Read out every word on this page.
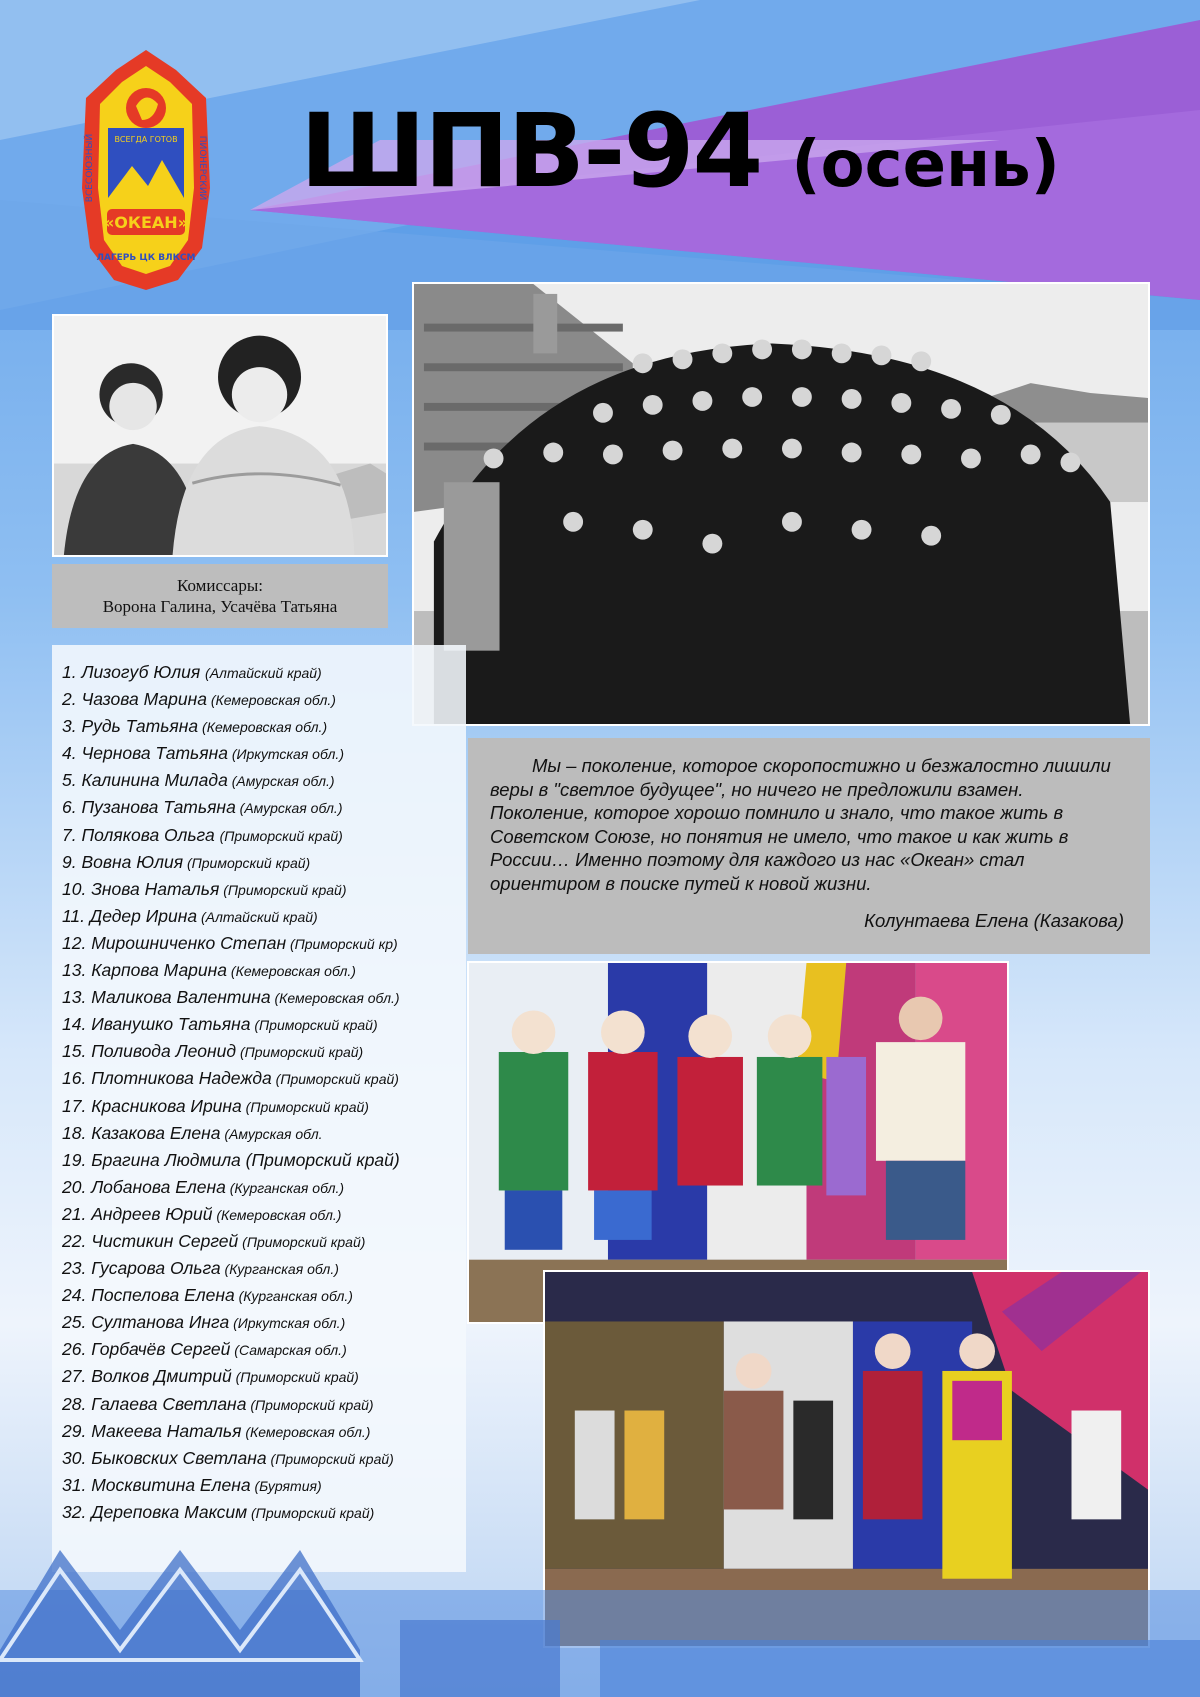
«ОКЕАН»
ВСЕГДА ГОТОВ
ВСЕСОЮЗНЫЙ	ПИОНЕРСКИЙ
ЛАГЕРЬ ЦК ВЛКСМ
ШПВ-94 (осень)
Комиссары:
Ворона Галина, Усачёва Татьяна
Мы – поколение, которое скоропостижно и безжалостно лишили веры в "светлое будущее", но ничего не предложили взамен. Поколение, которое хорошо помнило и знало, что такое жить в Советском Союзе, но понятия не имело, что такое и как жить в России… Именно поэтому для каждого из нас «Океан» стал ориентиром в поиске путей к новой жизни.
Колунтаева Елена (Казакова)
1. Лизогуб Юлия (Алтайский край)
2. Чазова Марина (Кемеровская обл.)
3. Рудь Татьяна (Кемеровская обл.)
4. Чернова Татьяна (Иркутская обл.)
5. Калинина Милада (Амурская обл.)
6. Пузанова Татьяна (Амурская обл.)
7. Полякова Ольга (Приморский край)
9. Вовна Юлия (Приморский край)
10. Знова Наталья (Приморский край)
11. Дедер Ирина (Алтайский край)
12. Мирошниченко Степан (Приморский кр)
13. Карпова Марина (Кемеровская обл.)
13. Маликова Валентина (Кемеровская обл.)
14. Иванушко Татьяна (Приморский край)
15. Поливода Леонид (Приморский край)
16. Плотникова Надежда (Приморский край)
17. Красникова Ирина (Приморский край)
18. Казакова Елена (Амурская обл.
19. Брагина Людмила (Приморский край)
20. Лобанова Елена (Курганская обл.)
21. Андреев Юрий (Кемеровская обл.)
22. Чистикин Сергей (Приморский край)
23. Гусарова Ольга (Курганская обл.)
24. Поспелова Елена (Курганская обл.)
25. Султанова Инга (Иркутская обл.)
26. Горбачёв Сергей (Самарская обл.)
27. Волков Дмитрий (Приморский край)
28. Галаева Светлана (Приморский край)
29. Макеева Наталья (Кемеровская обл.)
30. Быковских Светлана (Приморский край)
31. Москвитина Елена (Бурятия)
32. Дереповка Максим (Приморский край)
